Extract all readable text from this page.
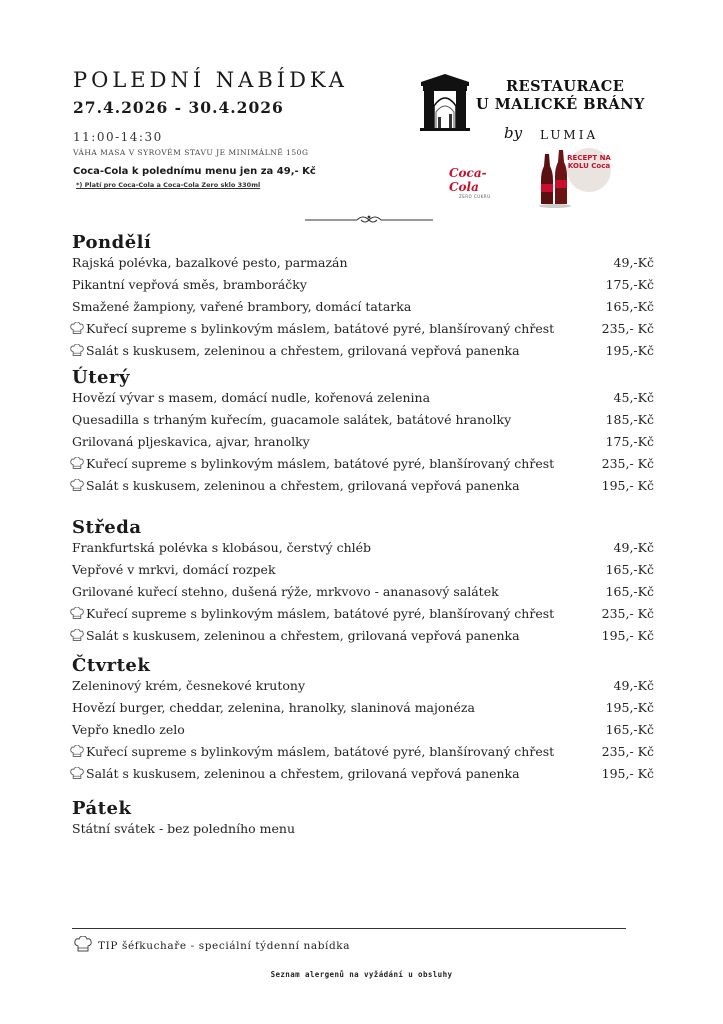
POLEDNÍ NABÍDKA
27.4.2026 - 30.4.2026
11:00-14:30
VÁHA MASA V SYROVÉM STAVU JE MINIMÁLNĚ 150G
Coca-Cola k polednímu menu jen za 49,- Kč
*) Platí pro Coca-Cola a Coca-Cola Zero sklo 330ml
RESTAURACE
U MALICKÉ BRÁNY
by LUMIA
Coca-Cola
ZERO CUKRU
RECEPT NA KOLU Coca
Pondělí
Rajská polévka, bazalkové pesto, parmazán	49,-Kč
Pikantní vepřová směs, bramboráčky	175,-Kč
Smažené žampiony, vařené brambory, domácí tatarka	165,-Kč
Kuřecí supreme s bylinkovým máslem, batátové pyré, blanšírovaný chřest	235,- Kč
Salát s kuskusem, zeleninou a chřestem, grilovaná vepřová panenka	195,-Kč
Úterý
Hovězí vývar s masem, domácí nudle, kořenová zelenina	45,-Kč
Quesadilla s trhaným kuřecím, guacamole salátek, batátové hranolky	185,-Kč
Grilovaná pljeskavica, ajvar, hranolky	175,-Kč
Kuřecí supreme s bylinkovým máslem, batátové pyré, blanšírovaný chřest	235,- Kč
Salát s kuskusem, zeleninou a chřestem, grilovaná vepřová panenka	195,- Kč
Středa
Frankfurtská polévka s klobásou, čerstvý chléb	49,-Kč
Vepřové v mrkvi, domácí rozpek	165,-Kč
Grilované kuřecí stehno, dušená rýže, mrkvovo - ananasový salátek	165,-Kč
Kuřecí supreme s bylinkovým máslem, batátové pyré, blanšírovaný chřest	235,- Kč
Salát s kuskusem, zeleninou a chřestem, grilovaná vepřová panenka	195,- Kč
Čtvrtek
Zeleninový krém, česnekové krutony	49,-Kč
Hovězí burger, cheddar, zelenina, hranolky, slaninová majonéza	195,-Kč
Vepřo knedlo zelo	165,-Kč
Kuřecí supreme s bylinkovým máslem, batátové pyré, blanšírovaný chřest	235,- Kč
Salát s kuskusem, zeleninou a chřestem, grilovaná vepřová panenka	195,- Kč
Pátek
Státní svátek - bez poledního menu
TIP šéfkuchaře - speciální týdenní nabídka
Seznam alergenů na vyžádání u obsluhy
